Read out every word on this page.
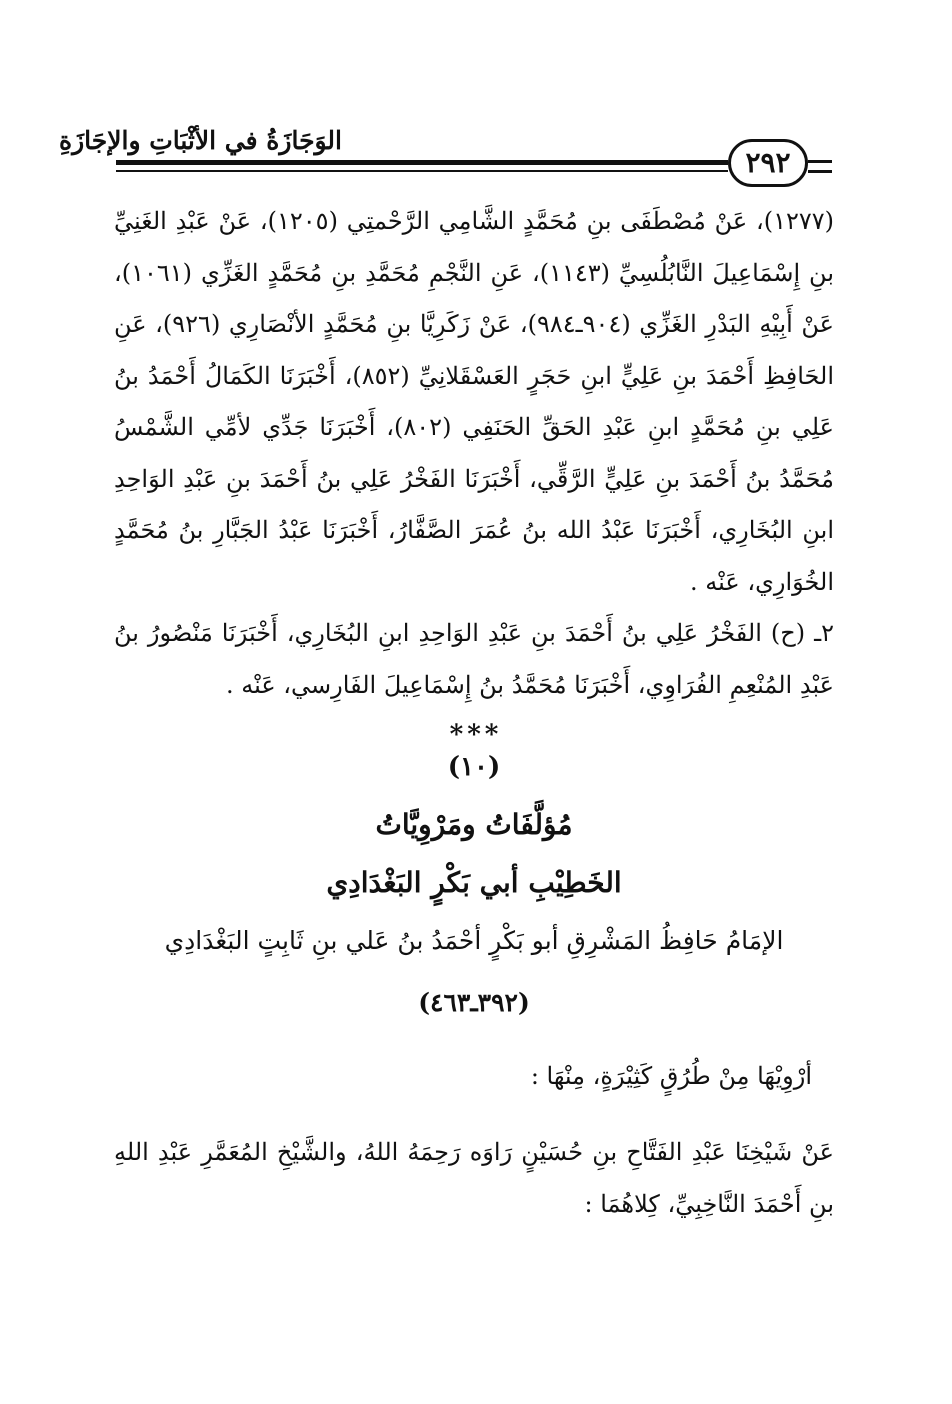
الوَجَازَةُ في الأثْبَاتِ والإجَازَةِ
٢٩٢

(١٢٧٧)، عَنْ مُصْطَفَى بنِ مُحَمَّدٍ الشَّامِي الرَّحْمتِي (١٢٠٥)، عَنْ عَبْدِ الغَنِيِّ بنِ إِسْمَاعِيلَ النَّابُلُسِيِّ (١١٤٣)، عَنِ النَّجْمِ مُحَمَّدِ بنِ مُحَمَّدٍ الغَزِّي (١٠٦١)، عَنْ أَبِيْهِ البَدْرِ الغَزِّي (٩٠٤ـ٩٨٤)، عَنْ زَكَرِيَّا بنِ مُحَمَّدٍ الأنْصَارِي (٩٢٦)، عَنِ الحَافِظِ أَحْمَدَ بنِ عَلِيٍّ ابنِ حَجَرٍ العَسْقَلانِيِّ (٨٥٢)، أَخْبَرَنَا الكَمَالُ أَحْمَدُ بنُ عَلِي بنِ مُحَمَّدٍ ابنِ عَبْدِ الحَقِّ الحَنَفِي (٨٠٢)، أَخْبَرَنَا جَدِّي لأمِّي الشَّمْسُ مُحَمَّدُ بنُ أَحْمَدَ بنِ عَلِيٍّ الرَّقِّي، أَخْبَرَنَا الفَخْرُ عَلِي بنُ أَحْمَدَ بنِ عَبْدِ الوَاحِدِ ابنِ البُخَارِي، أَخْبَرَنَا عَبْدُ الله بنُ عُمَرَ الصَّفَّارُ، أَخْبَرَنَا عَبْدُ الجَبَّارِ بنُ مُحَمَّدٍ الخُوَارِي، عَنْه .

٢ـ (ح) الفَخْرُ عَلِي بنُ أَحْمَدَ بنِ عَبْدِ الوَاحِدِ ابنِ البُخَارِي، أَخْبَرَنَا مَنْصُورُ بنُ عَبْدِ المُنْعِمِ الفُرَاوِي، أَخْبَرَنَا مُحَمَّدُ بنُ إِسْمَاعِيلَ الفَارِسي، عَنْه .

***
(١٠)
مُؤلَّفَاتُ ومَرْوِيَّاتُ
الخَطِيْبِ أبي بَكْرٍ البَغْدَادِي
الإمَامُ حَافِظُ المَشْرِقِ أبو بَكْرٍ أحْمَدُ بنُ عَلي بنِ ثَابِتٍ البَغْدَادِي
(٣٩٢ـ٤٦٣)
أرْوِيْهَا مِنْ طُرُقٍ كَثِيْرَةٍ، مِنْهَا :

عَنْ شَيْخِنَا عَبْدِ الفَتَّاحِ بنِ حُسَيْنٍ رَاوَه رَحِمَهُ اللهُ، والشَّيْخِ المُعَمَّرِ عَبْدِ اللهِ بنِ أَحْمَدَ النَّاخِبِيِّ، كِلاهُمَا :
